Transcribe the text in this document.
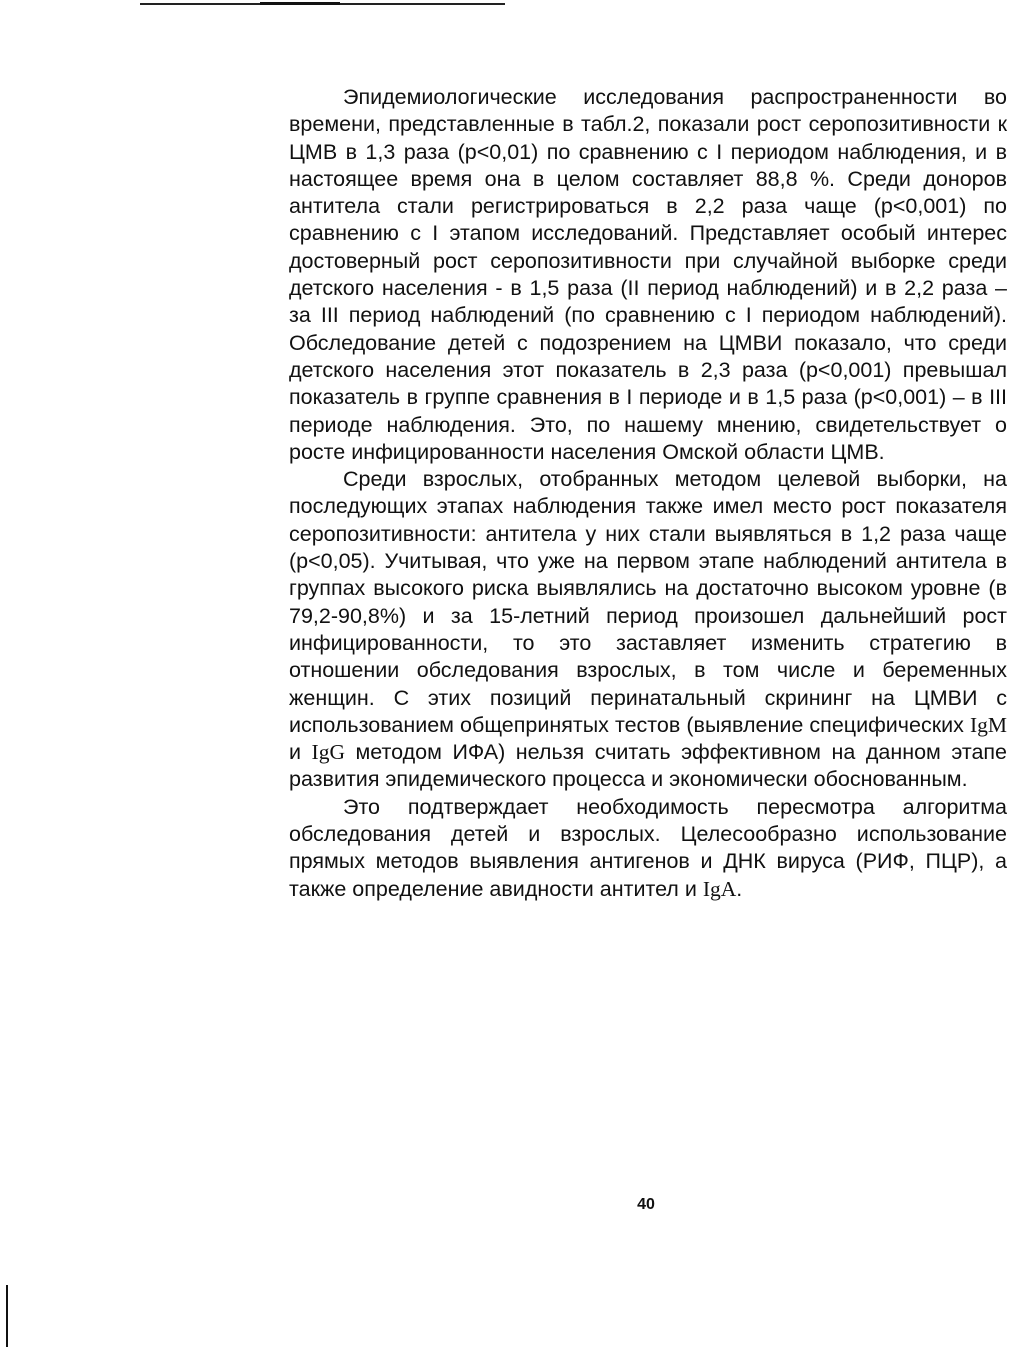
Эпидемиологические исследования распространенности во времени, представленные в табл.2, показали рост серопозитивности к ЦМВ в 1,3 раза (р<0,01) по сравнению с I периодом наблюдения, и в настоящее время она в целом составляет 88,8 %. Среди доноров антитела стали регистрироваться в 2,2 раза чаще (р<0,001) по сравнению с I этапом исследований. Представляет особый интерес достоверный рост серопозитивности при случайной выборке среди детского населения - в 1,5 раза (II период наблюдений) и в 2,2 раза – за III период наблюдений (по сравнению с I периодом наблюдений). Обследование детей с подозрением на ЦМВИ показало, что среди детского населения этот показатель в 2,3 раза (р<0,001) превышал показатель в группе сравнения в I периоде и в 1,5 раза (р<0,001) – в III периоде наблюдения. Это, по нашему мнению, свидетельствует о росте инфицированности населения Омской области ЦМВ.

Среди взрослых, отобранных методом целевой выборки, на последующих этапах наблюдения также имел место рост показателя серопозитивности: антитела у них стали выявляться в 1,2 раза чаще (р<0,05). Учитывая, что уже на первом этапе наблюдений антитела в группах высокого риска выявлялись на достаточно высоком уровне (в 79,2-90,8%) и за 15-летний период произошел дальнейший рост инфицированности, то это заставляет изменить стратегию в отношении обследования взрослых, в том числе и беременных женщин. С этих позиций перинатальный скрининг на ЦМВИ с использованием общепринятых тестов (выявление специфических IgM и IgG методом ИФА) нельзя считать эффективном на данном этапе развития эпидемического процесса и экономически обоснованным.

Это подтверждает необходимость пересмотра алгоритма обследования детей и взрослых. Целесообразно использование прямых методов выявления антигенов и ДНК вируса (РИФ, ПЦР), а также определение авидности антител и IgA.

40
